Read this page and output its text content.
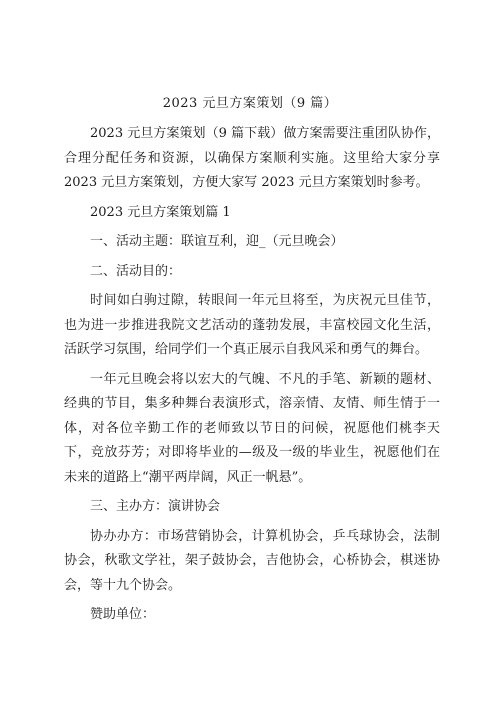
2023 元旦方案策划（9 篇）

2023 元旦方案策划（9 篇下载）做方案需要注重团队协作，合理分配任务和资源，以确保方案顺利实施。这里给大家分享 2023 元旦方案策划，方便大家写 2023 元旦方案策划时参考。

2023 元旦方案策划篇 1

一、活动主题：联谊互利，迎_（元旦晚会）

二、活动目的：

时间如白驹过隙，转眼间一年元旦将至，为庆祝元旦佳节，也为进一步推进我院文艺活动的蓬勃发展，丰富校园文化生活，活跃学习氛围，给同学们一个真正展示自我风采和勇气的舞台。

一年元旦晚会将以宏大的气魄、不凡的手笔、新颖的题材、经典的节目，集多种舞台表演形式，溶亲情、友情、师生情于一体，对各位辛勤工作的老师致以节日的问候，祝愿他们桃李天下，竞放芬芳；对即将毕业的—级及一级的毕业生，祝愿他们在未来的道路上“潮平两岸阔，风正一帆悬”。

三、主办方：演讲协会

协办办方：市场营销协会，计算机协会，乒乓球协会，法制协会，秋歌文学社，架子鼓协会，吉他协会，心桥协会，棋迷协会，等十九个协会。

赞助单位：
